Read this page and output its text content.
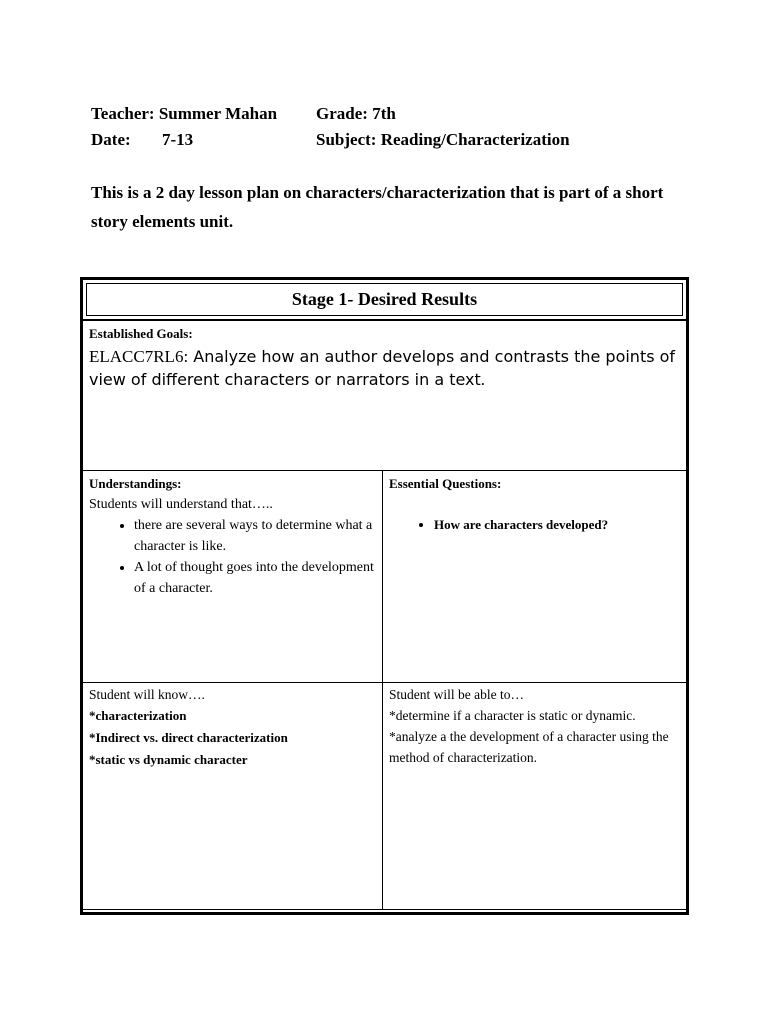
Teacher:
Summer Mahan Grade: 7th
Date:	7-13	Subject: Reading/Characterization
This is a 2 day lesson plan on characters/characterization that is part of a short story elements unit.
Stage 1- Desired Results
Established Goals:
ELACC7RL6: Analyze how an author develops and contrasts the points of view of different characters or narrators in a text.
Understandings:
Students will understand that…..
• there are several ways to determine what a character is like.
• A lot of thought goes into the development of a character.
Essential Questions:
• How are characters developed?
Student will know….
*characterization
*Indirect vs. direct characterization
*static vs dynamic character
Student will be able to…
*determine if a character is static or dynamic.
*analyze a the development of a character using the method of characterization.
